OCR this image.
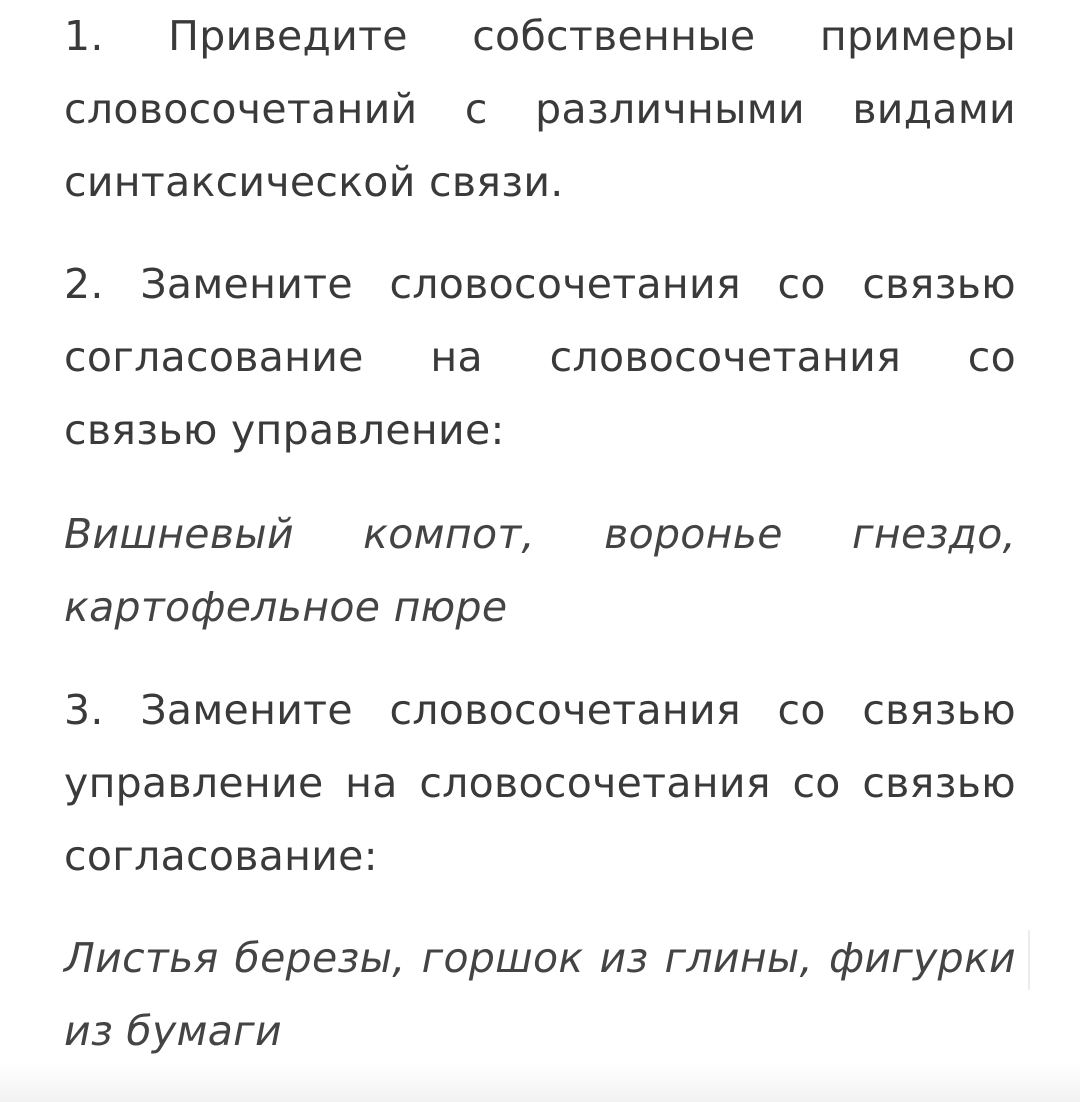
1. Приведите собственные примеры словосочетаний с различными видами синтаксической связи.

2. Замените словосочетания со связью согласование на словосочетания со связью управление:

Вишневый компот, воронье гнездо, картофельное пюре

3. Замените словосочетания со связью управление на словосочетания со связью согласование:

Листья березы, горшок из глины, фигурки из бумаги
